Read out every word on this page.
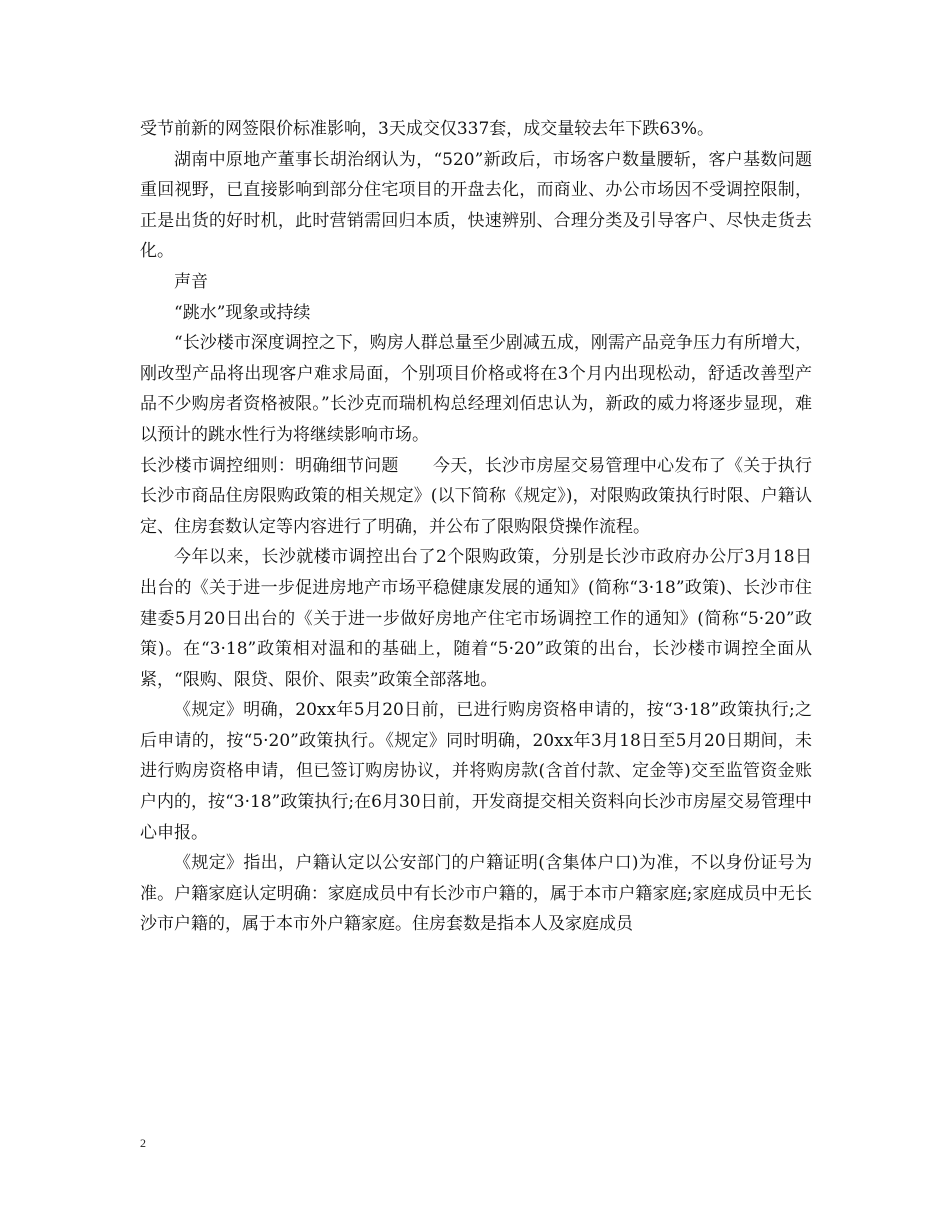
受节前新的网签限价标准影响，3天成交仅337套，成交量较去年下跌63%。

湖南中原地产董事长胡治纲认为，“520”新政后，市场客户数量腰斩，客户基数问题重回视野，已直接影响到部分住宅项目的开盘去化，而商业、办公市场因不受调控限制，正是出货的好时机，此时营销需回归本质，快速辨别、合理分类及引导客户、尽快走货去化。

声音

“跳水”现象或持续

“长沙楼市深度调控之下，购房人群总量至少剧减五成，刚需产品竞争压力有所增大，刚改型产品将出现客户难求局面，个别项目价格或将在3个月内出现松动，舒适改善型产品不少购房者资格被限。”长沙克而瑞机构总经理刘佰忠认为，新政的威力将逐步显现，难以预计的跳水性行为将继续影响市场。

长沙楼市调控细则：明确细节问题　　今天，长沙市房屋交易管理中心发布了《关于执行长沙市商品住房限购政策的相关规定》(以下简称《规定》)，对限购政策执行时限、户籍认定、住房套数认定等内容进行了明确，并公布了限购限贷操作流程。

今年以来，长沙就楼市调控出台了2个限购政策，分别是长沙市政府办公厅3月18日出台的《关于进一步促进房地产市场平稳健康发展的通知》(简称“3·18”政策)、长沙市住建委5月20日出台的《关于进一步做好房地产住宅市场调控工作的通知》(简称“5·20”政策)。在“3·18”政策相对温和的基础上，随着“5·20”政策的出台，长沙楼市调控全面从紧，“限购、限贷、限价、限卖”政策全部落地。

《规定》明确，20xx年5月20日前，已进行购房资格申请的，按“3·18”政策执行;之后申请的，按“5·20”政策执行。《规定》同时明确，20xx年3月18日至5月20日期间，未进行购房资格申请，但已签订购房协议，并将购房款(含首付款、定金等)交至监管资金账户内的，按“3·18”政策执行;在6月30日前，开发商提交相关资料向长沙市房屋交易管理中心申报。

《规定》指出，户籍认定以公安部门的户籍证明(含集体户口)为准，不以身份证号为准。户籍家庭认定明确：家庭成员中有长沙市户籍的，属于本市户籍家庭;家庭成员中无长沙市户籍的，属于本市外户籍家庭。住房套数是指本人及家庭成员

2
